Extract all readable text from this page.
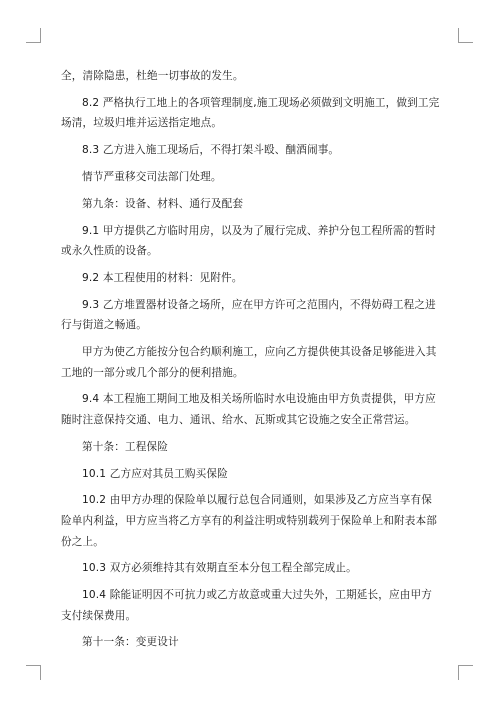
全，清除隐患，杜绝一切事故的发生。

8.2 严格执行工地上的各项管理制度,施工现场必须做到文明施工，做到工完场清，垃圾归堆并运送指定地点。

8.3 乙方进入施工现场后，不得打架斗殴、酗酒闹事。

情节严重移交司法部门处理。

第九条：设备、材料、通行及配套

9.1 甲方提供乙方临时用房，以及为了履行完成、养护分包工程所需的暂时或永久性质的设备。

9.2 本工程使用的材料：见附件。

9.3 乙方堆置器材设备之场所，应在甲方许可之范围内，不得妨碍工程之进行与街道之畅通。

甲方为使乙方能按分包合约顺利施工，应向乙方提供使其设备足够能进入其工地的一部分或几个部分的便利措施。

9.4 本工程施工期间工地及相关场所临时水电设施由甲方负责提供，甲方应随时注意保持交通、电力、通讯、给水、瓦斯或其它设施之安全正常营运。

第十条：工程保险

10.1 乙方应对其员工购买保险

10.2 由甲方办理的保险单以履行总包合同通则，如果涉及乙方应当享有保险单内利益，甲方应当将乙方享有的利益注明或特别载列于保险单上和附表本部份之上。

10.3 双方必须维持其有效期直至本分包工程全部完成止。

10.4 除能证明因不可抗力或乙方故意或重大过失外，工期延长，应由甲方支付续保费用。

第十一条：变更设计
